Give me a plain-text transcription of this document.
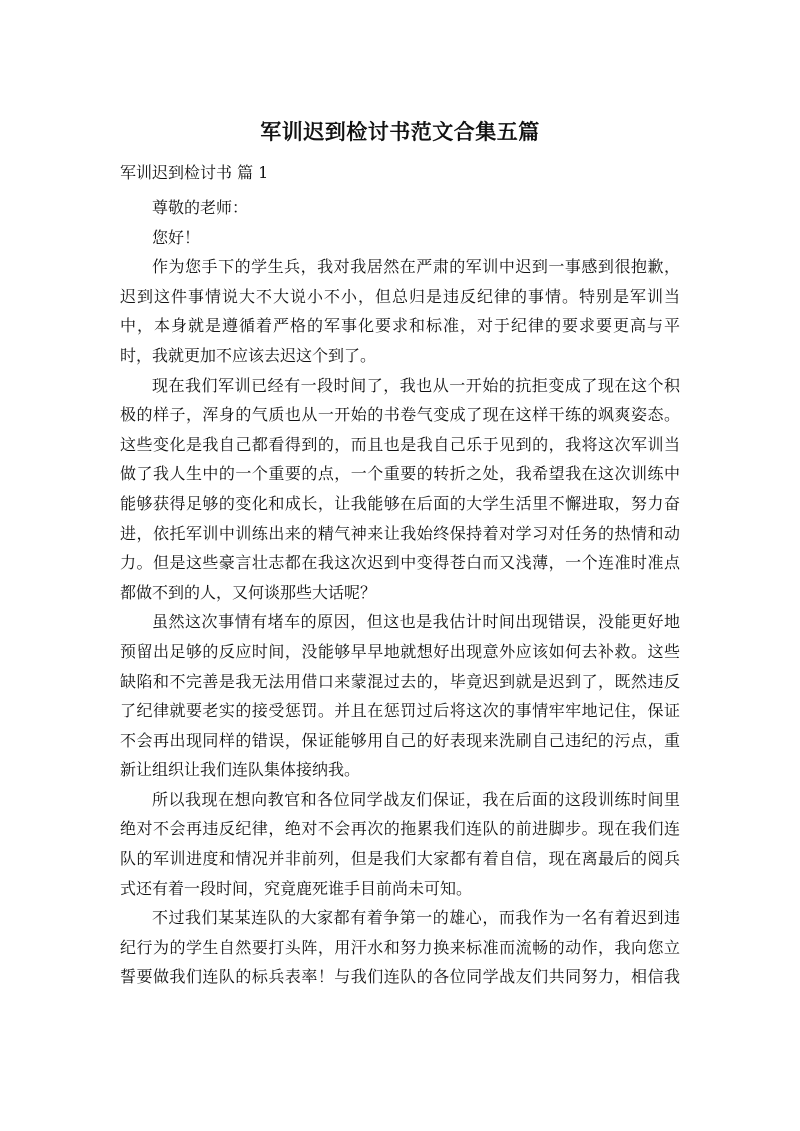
军训迟到检讨书范文合集五篇

军训迟到检讨书 篇 1

尊敬的老师：
您好！
作为您手下的学生兵，我对我居然在严肃的军训中迟到一事感到很抱歉，
迟到这件事情说大不大说小不小，但总归是违反纪律的事情。特别是军训当
中，本身就是遵循着严格的军事化要求和标准，对于纪律的要求要更高与平
时，我就更加不应该去迟这个到了。
现在我们军训已经有一段时间了，我也从一开始的抗拒变成了现在这个积
极的样子，浑身的气质也从一开始的书卷气变成了现在这样干练的飒爽姿态。
这些变化是我自己都看得到的，而且也是我自己乐于见到的，我将这次军训当
做了我人生中的一个重要的点，一个重要的转折之处，我希望我在这次训练中
能够获得足够的变化和成长，让我能够在后面的大学生活里不懈进取，努力奋
进，依托军训中训练出来的精气神来让我始终保持着对学习对任务的热情和动
力。但是这些豪言壮志都在我这次迟到中变得苍白而又浅薄，一个连准时准点
都做不到的人，又何谈那些大话呢？
虽然这次事情有堵车的原因，但这也是我估计时间出现错误，没能更好地
预留出足够的反应时间，没能够早早地就想好出现意外应该如何去补救。这些
缺陷和不完善是我无法用借口来蒙混过去的，毕竟迟到就是迟到了，既然违反
了纪律就要老实的接受惩罚。并且在惩罚过后将这次的事情牢牢地记住，保证
不会再出现同样的错误，保证能够用自己的好表现来洗刷自己违纪的污点，重
新让组织让我们连队集体接纳我。
所以我现在想向教官和各位同学战友们保证，我在后面的这段训练时间里
绝对不会再违反纪律，绝对不会再次的拖累我们连队的前进脚步。现在我们连
队的军训进度和情况并非前列，但是我们大家都有着自信，现在离最后的阅兵
式还有着一段时间，究竟鹿死谁手目前尚未可知。
不过我们某某连队的大家都有着争第一的雄心，而我作为一名有着迟到违
纪行为的学生自然要打头阵，用汗水和努力换来标准而流畅的动作，我向您立
誓要做我们连队的标兵表率！与我们连队的各位同学战友们共同努力，相信我
